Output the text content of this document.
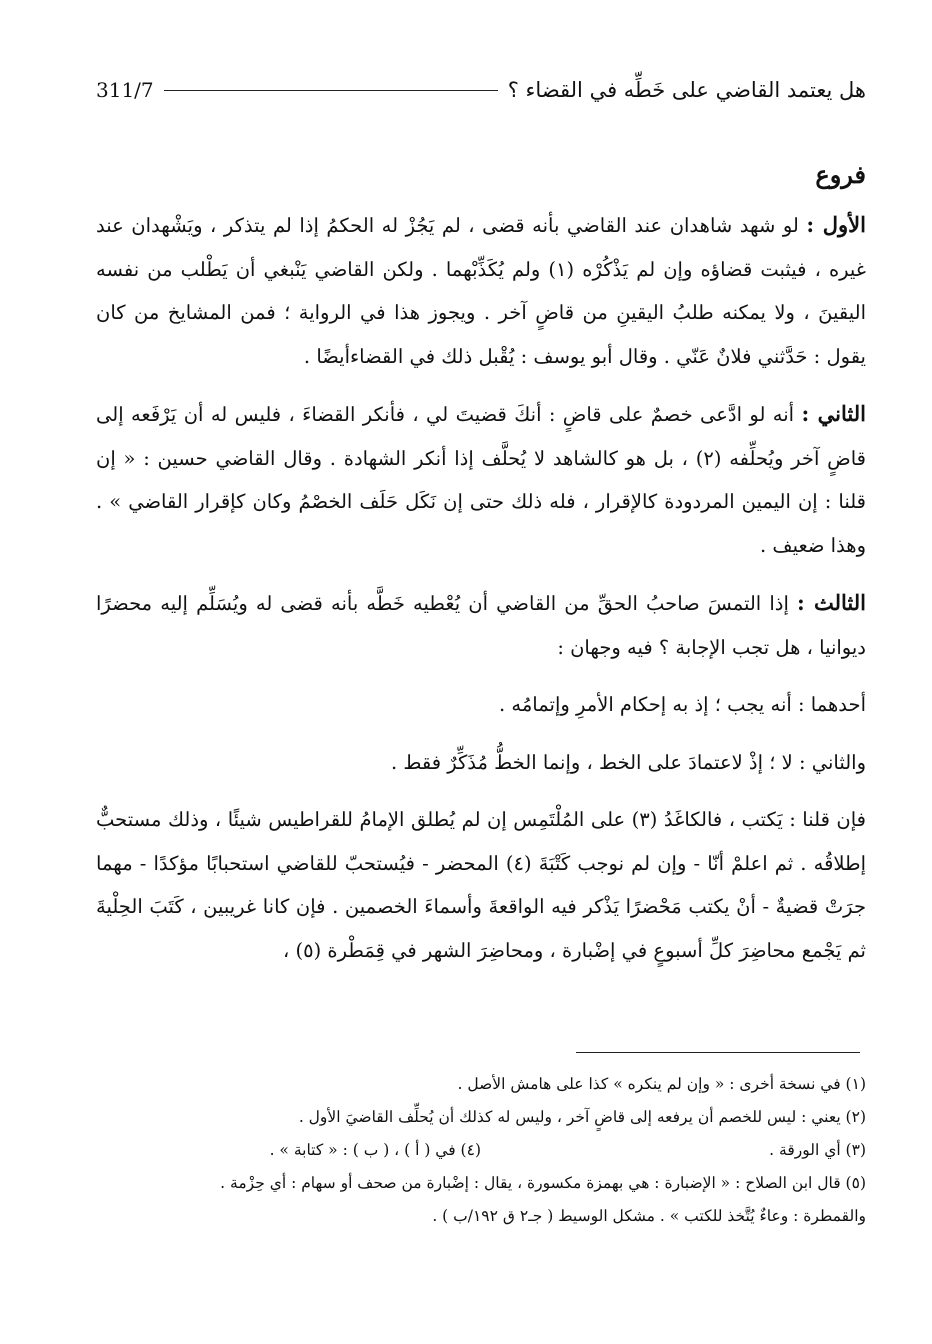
311/7	هل يعتمد القاضي على خَطِّه في القضاء ؟
فروع

الأول : لو شهد شاهدان عند القاضي بأنه قضى ، لم يَجُزْ له الحكمُ إذا لم يتذكر ، ويَشْهدان عند غيره ، فيثبت قضاؤه وإن لم يَذْكُرْه (١) ولم يُكَذِّبْهما . ولكن القاضي يَنْبغي أن يَطْلب من نفسه اليقينَ ، ولا يمكنه طلبُ اليقينِ من قاضٍ آخر . ويجوز هذا في الرواية ؛ فمن المشايخ من كان يقول : حَدَّثني فلانٌ عَنّي . وقال أبو يوسف : يُقْبل ذلك في القضاءأيضًا .

الثاني : أنه لو ادَّعى خصمٌ على قاضٍ : أنكَ قضيتَ لي ، فأنكر القضاءَ ، فليس له أن يَرْفَعه إلى قاضٍ آخر ويُحلِّفه (٢) ، بل هو كالشاهد لا يُحلَّف إذا أنكر الشهادة . وقال القاضي حسين : « إن قلنا : إن اليمين المردودة كالإقرار ، فله ذلك حتى إن نَكَل حَلَف الخصْمُ وكان كإقرار القاضي » . وهذا ضعيف .

الثالث : إذا التمسَ صاحبُ الحقِّ من القاضي أن يُعْطيه خَطَّه بأنه قضى له ويُسَلِّم إليه محضرًا ديوانيا ، هل تجب الإجابة ؟ فيه وجهان :

أحدهما : أنه يجب ؛ إذ به إحكام الأمرِ وإتمامُه .

والثاني : لا ؛ إذْ لاعتمادَ على الخط ، وإنما الخطُّ مُذَكِّرٌ فقط .

فإن قلنا : يَكتب ، فالكاغَدُ (٣) على المُلْتَمِس إن لم يُطلق الإمامُ للقراطيس شيئًا ، وذلك مستحبٌّ إطلاقُه . ثم اعلمْ أنّا - وإن لم نوجب كَتْبَةَ (٤) المحضر - فيُستحبّ للقاضي استحبابًا مؤكدًا - مهما جرَتْ قضيةٌ - أنْ يكتب مَحْضرًا يَذْكر فيه الواقعةَ وأسماءَ الخصمين . فإن كانا غريبين ، كَتَبَ الحِلْيةَ ثم يَجْمع محاضِرَ كلِّ أسبوعٍ في إضْبارة ، ومحاضِرَ الشهر في قِمَطْرة (٥) ،

(١) في نسخة أخرى : « وإن لم ينكره » كذا على هامش الأصل .
(٢) يعني : ليس للخصم أن يرفعه إلى قاضٍ آخر ، وليس له كذلك أن يُحلِّف القاضيَ الأول .
(٣) أي الورقة .
(٤) في ( أ ) ، ( ب ) : « كتابة » .
(٥) قال ابن الصلاح : « الإضبارة : هي بهمزة مكسورة ، يقال : إضْبارة من صحف أو سهام : أي حِزْمة .
والقمطرة : وعاءٌ يُتَّخذ للكتب » . مشكل الوسيط ( جـ٢ ق ١٩٢/ب ) .
